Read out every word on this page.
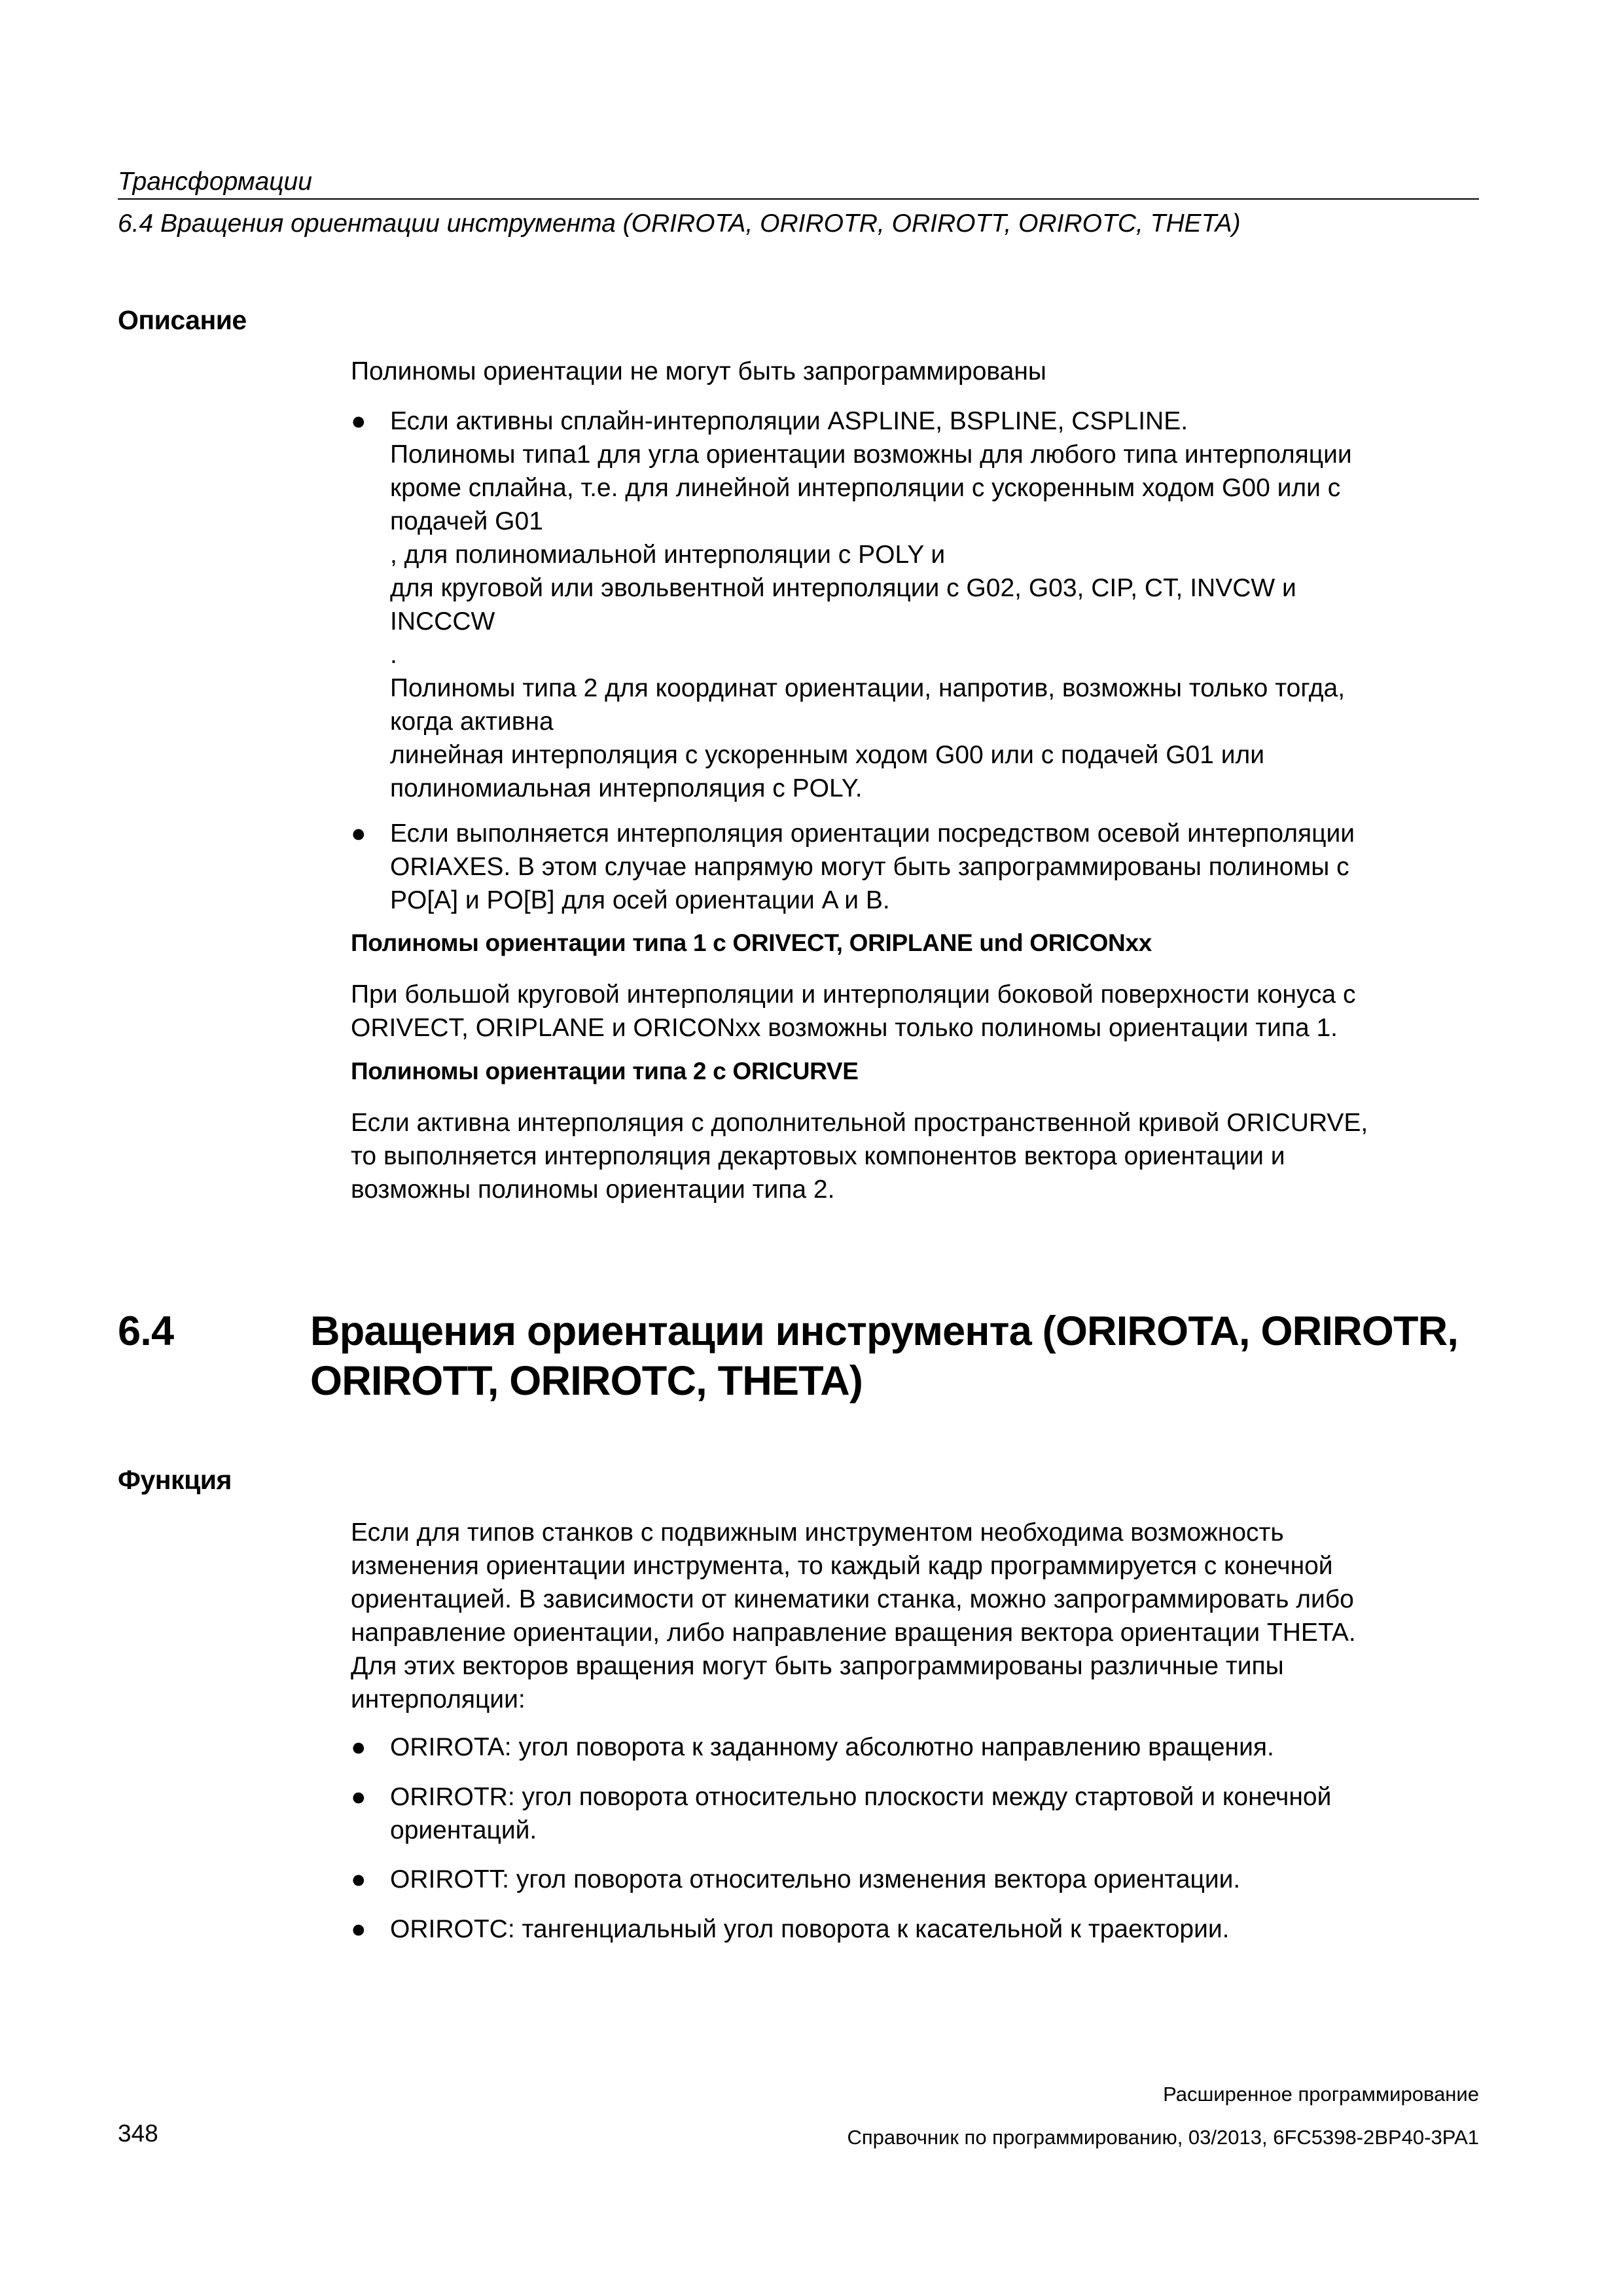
Трансформации
6.4 Вращения ориентации инструмента (ORIROTA, ORIROTR, ORIROTT, ORIROTC, THETA)
Описание
Полиномы ориентации не могут быть запрограммированы
● Если активны сплайн-интерполяции ASPLINE, BSPLINE, CSPLINE.
Полиномы типа1 для угла ориентации возможны для любого типа интерполяции
кроме сплайна, т.е. для линейной интерполяции с ускоренным ходом G00 или с
подачей G01
, для полиномиальной интерполяции с POLY и
для круговой или эвольвентной интерполяции с G02, G03, CIP, CT, INVCW и
INCCCW
.
Полиномы типа 2 для координат ориентации, напротив, возможны только тогда,
когда активна
линейная интерполяция с ускоренным ходом G00 или с подачей G01 или
полиномиальная интерполяция с POLY.
● Если выполняется интерполяция ориентации посредством осевой интерполяции
ORIAXES. В этом случае напрямую могут быть запрограммированы полиномы с
PO[A] и PO[B] для осей ориентации A и B.
Полиномы ориентации типа 1 с ORIVECT, ORIPLANE und ORICONxx
При большой круговой интерполяции и интерполяции боковой поверхности конуса с
ORIVECT, ORIPLANE и ORICONxx возможны только полиномы ориентации типа 1.
Полиномы ориентации типа 2 с ORICURVE
Если активна интерполяция с дополнительной пространственной кривой ORICURVE,
то выполняется интерполяция декартовых компонентов вектора ориентации и
возможны полиномы ориентации типа 2.
6.4	Вращения ориентации инструмента (ORIROTA, ORIROTR,
ORIROTT, ORIROTC, THETA)
Функция
Если для типов станков с подвижным инструментом необходима возможность
изменения ориентации инструмента, то каждый кадр программируется с конечной
ориентацией. В зависимости от кинематики станка, можно запрограммировать либо
направление ориентации, либо направление вращения вектора ориентации THETA.
Для этих векторов вращения могут быть запрограммированы различные типы
интерполяции:
● ORIROTA: угол поворота к заданному абсолютно направлению вращения.
● ORIROTR: угол поворота относительно плоскости между стартовой и конечной
ориентаций.
● ORIROTT: угол поворота относительно изменения вектора ориентации.
● ORIROTC: тангенциальный угол поворота к касательной к траектории.
Расширенное программирование
348	Справочник по программированию, 03/2013, 6FC5398-2BP40-3PA1
